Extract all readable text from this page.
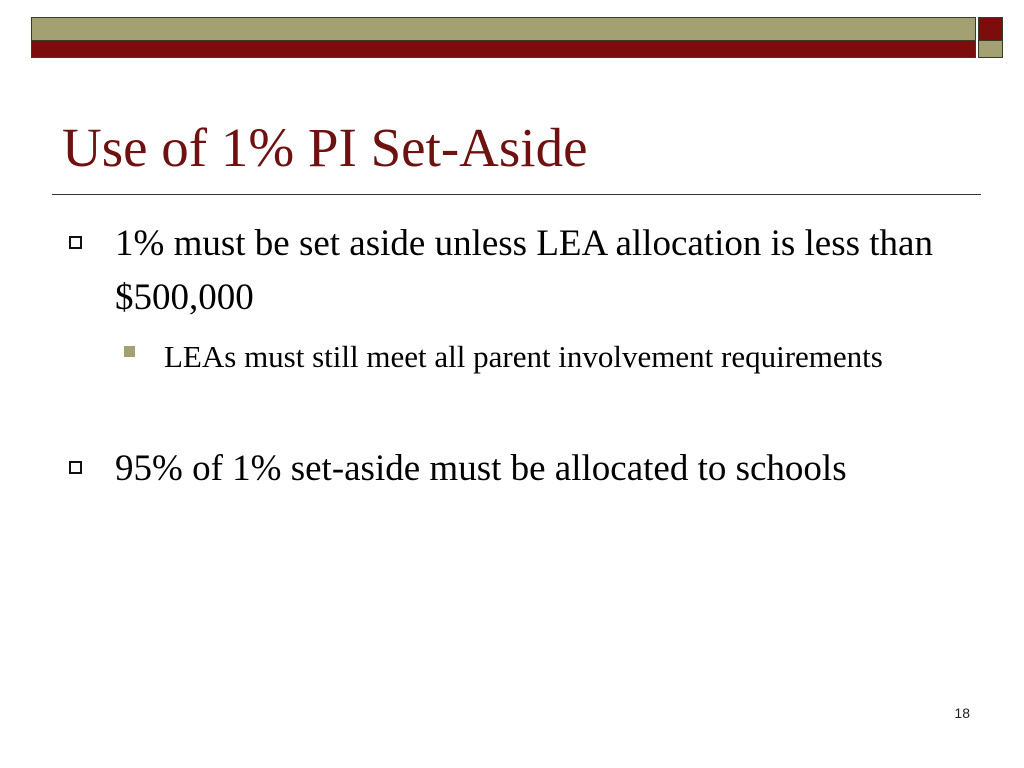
Use of 1% PI Set-Aside
1% must be set aside unless LEA allocation is less than $500,000
LEAs must still meet all parent involvement requirements
95% of 1% set-aside must be allocated to schools
18
